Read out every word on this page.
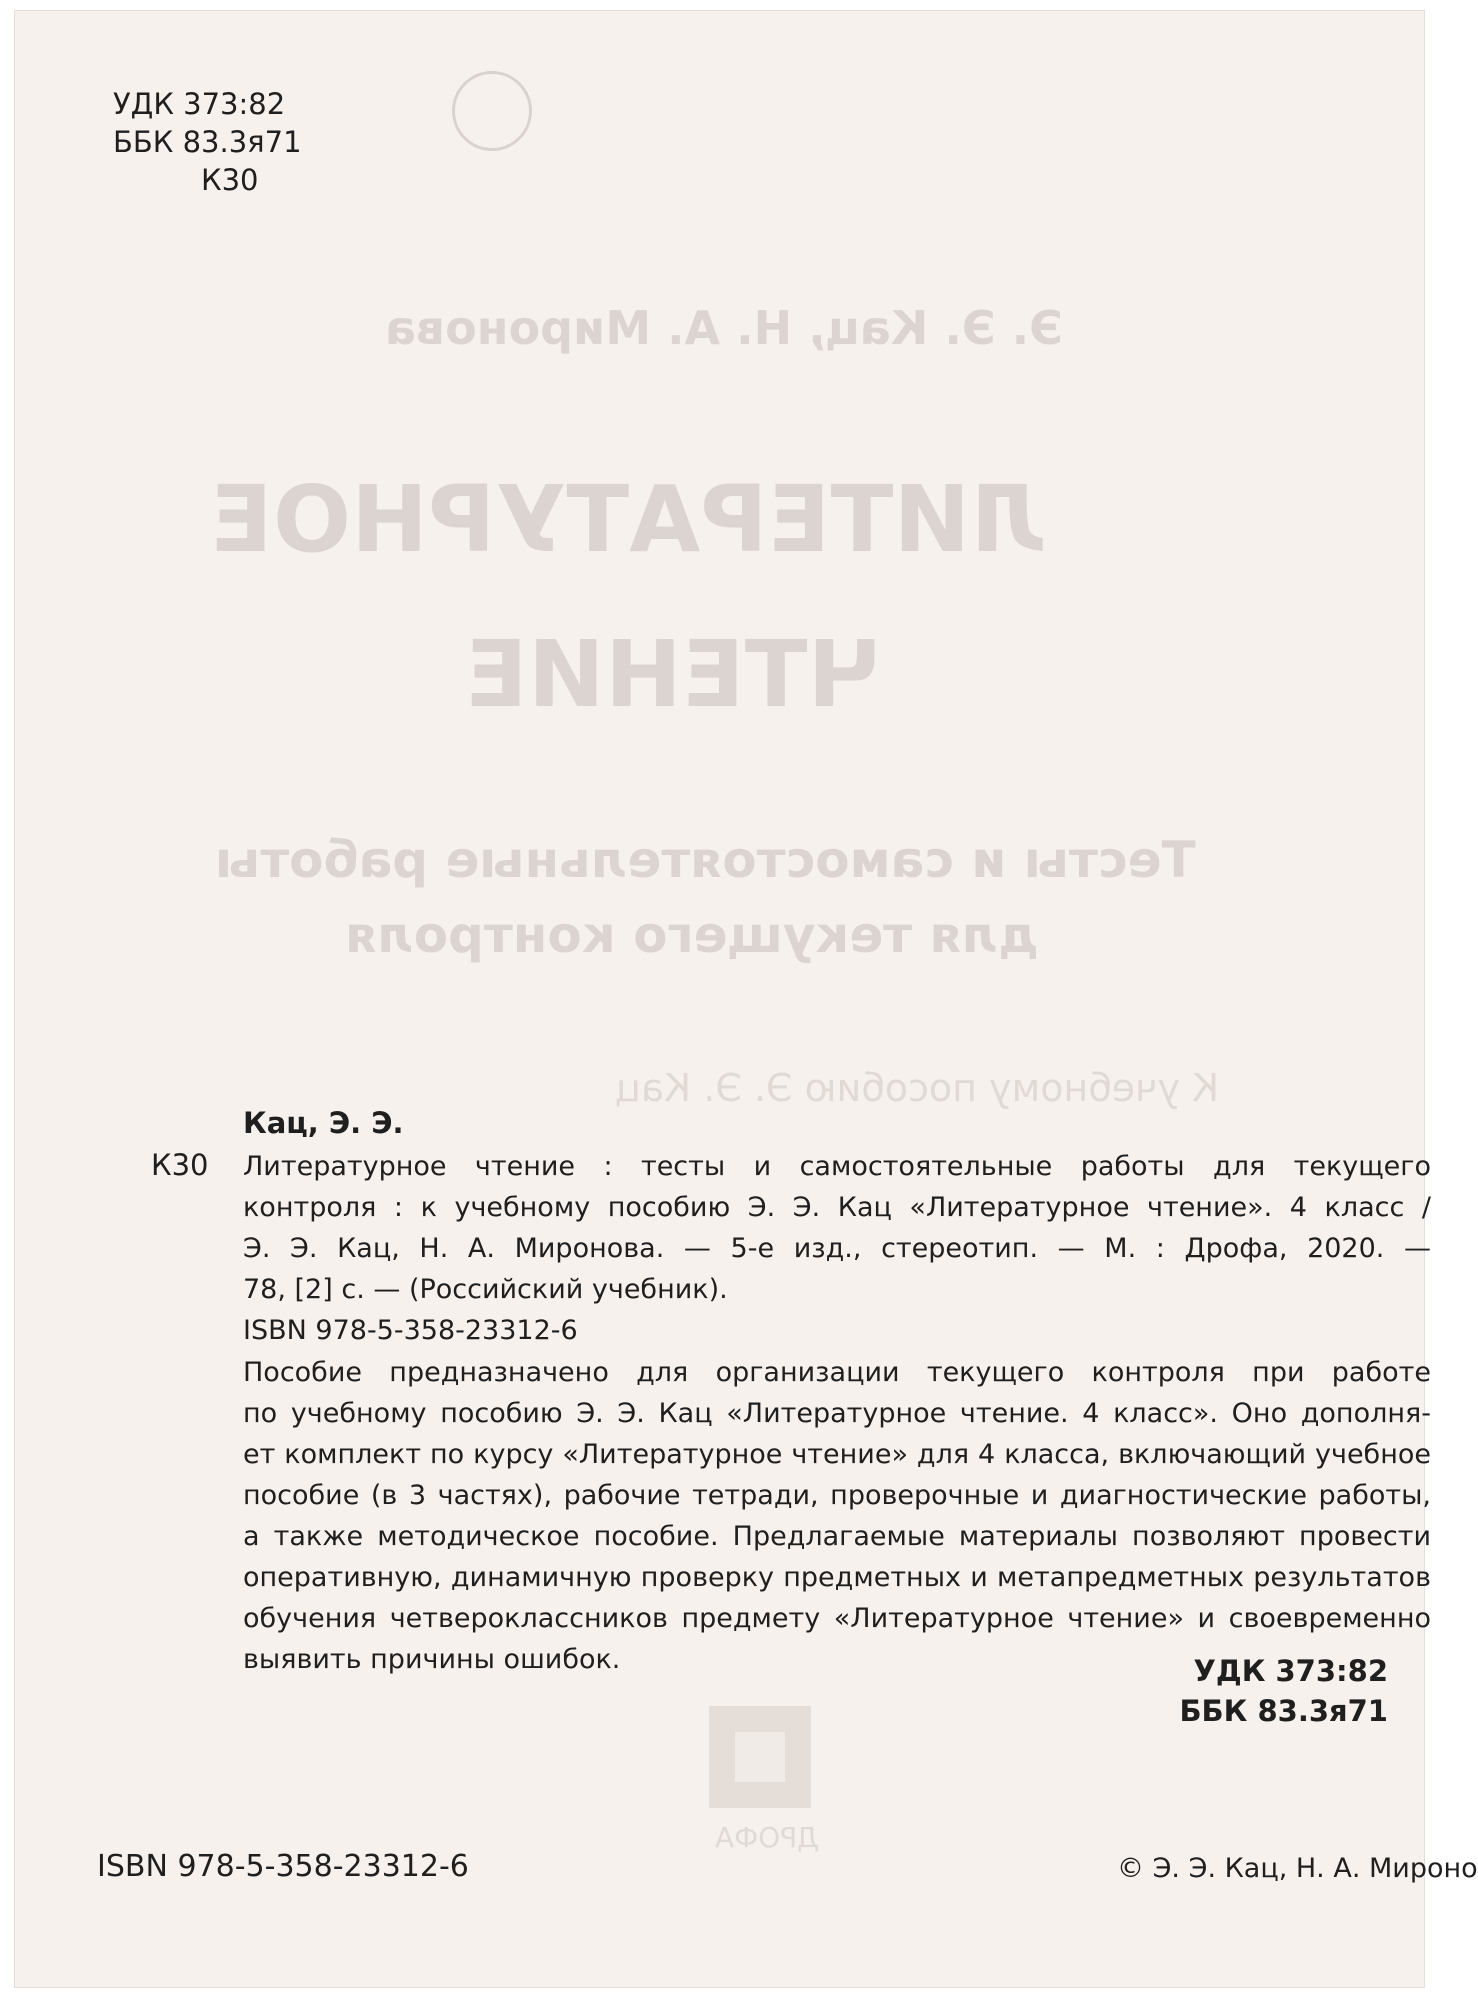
Э. Э. Кац, Н. А. Миронова
ЛИТЕРАТУРНОЕ
ЧТЕНИЕ
Тесты и самостоятельные работы
для текущего контроля
К учебному пособию Э. Э. Кац
ДРОФА
УДК 373:82
ББК 83.3я71
К30
Кац, Э. Э.
К30 Литературное чтение : тесты и самостоятельные работы для текущего
контроля : к учебному пособию Э. Э. Кац «Литературное чтение». 4 класс /
Э. Э. Кац, Н. А. Миронова. — 5-е изд., стереотип. — М. : Дрофа, 2020. —
78, [2] с. — (Российский учебник).
ISBN 978-5-358-23312-6
Пособие предназначено для организации текущего контроля при работе
по учебному пособию Э. Э. Кац «Литературное чтение. 4 класс». Оно дополня-
ет комплект по курсу «Литературное чтение» для 4 класса, включающий учебное
пособие (в 3 частях), рабочие тетради, проверочные и диагностические работы,
а также методическое пособие. Предлагаемые материалы позволяют провести
оперативную, динамичную проверку предметных и метапредметных результатов
обучения четвероклассников предмету «Литературное чтение» и своевременно
выявить причины ошибок.	УДК 373:82
ББК 83.3я71
ISBN 978-5-358-23312-6	© Э. Э. Кац, Н. А. Мироно
